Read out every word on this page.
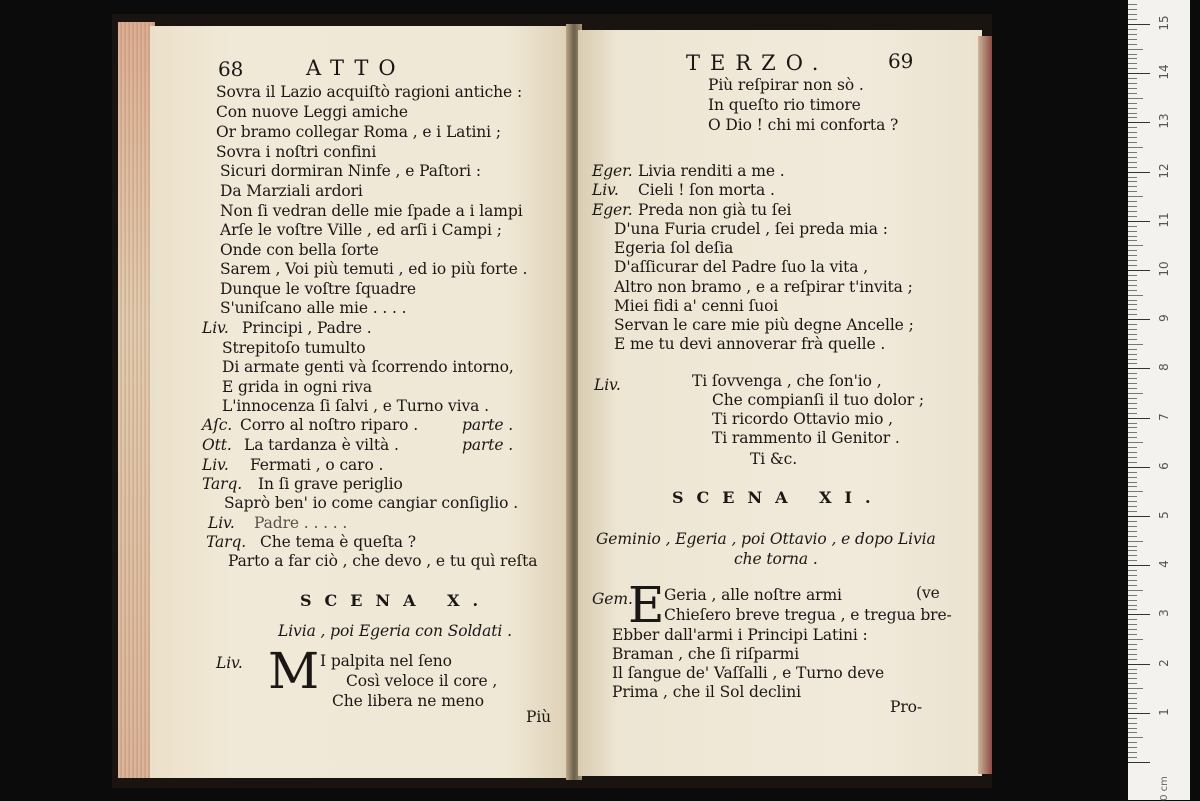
68	ATTO
Sovra il Lazio acquiſtò ragioni antiche :
Con nuove Leggi amiche
Or bramo collegar Roma , e i Latini ;
Sovra i noſtri confini
Sicuri dormiran Ninfe , e Paſtori :
Da Marziali ardori
Non ſi vedran delle mie ſpade a i lampi
Arſe le voſtre Ville , ed arſi i Campi ;
Onde con bella ſorte
Sarem , Voi più temuti , ed io più forte .
Dunque le voſtre ſquadre
S'uniſcano alle mie . . . .
Liv. Principi , Padre .
Strepitoſo tumulto
Di armate genti và ſcorrendo intorno,
E grida in ogni riva
L'innocenza ſi ſalvi , e Turno viva .
Aſc. Corro al noſtro riparo .	parte .
Ott. La tardanza è viltà .	parte .
Liv. Fermati , o caro .
Tarq. In ſi grave periglio
Saprò ben' io come cangiar conſiglio .
Liv. Padre . . . . .
Tarq. Che tema è queſta ?
Parto a far ciò , che devo , e tu quì reſta
SCENA X.
Livia , poi Egeria con Soldati .
Liv. M I palpita nel ſeno
Così veloce il core ,
Che libera ne meno
Più
TERZO.	69
Più reſpirar non sò .
In queſto rio timore
O Dio ! chi mi conforta ?
Eger. Livia renditi a me .
Liv. Cieli ! ſon morta .
Eger. Preda non già tu ſei
D'una Furia crudel , ſei preda mia :
Egeria ſol deſia
D'aſſicurar del Padre ſuo la vita ,
Altro non bramo , e a reſpirar t'invita ;
Miei fidi a' cenni ſuoi
Servan le care mie più degne Ancelle ;
E me tu devi annoverar frà quelle .
Liv.	Ti ſovvenga , che ſon'io ,
Che compianſi il tuo dolor ;
Ti ricordo Ottavio mio ,
Ti rammento il Genitor .
Ti &c.
SCENA XI.
Geminio , Egeria , poi Ottavio , e dopo Livia
che torna .
Gem.
E Geria , alle noſtre armi	(ve
Chieſero breve tregua , e tregua bre-
Ebber dall'armi i Principi Latini :
Braman , che ſi riſparmi
Il ſangue de' Vaſſalli , e Turno deve
Prima , che il Sol declini
Pro-
0 cm
1
2
3
4
5
6
7
8
9
10
11
12
13
14
15
